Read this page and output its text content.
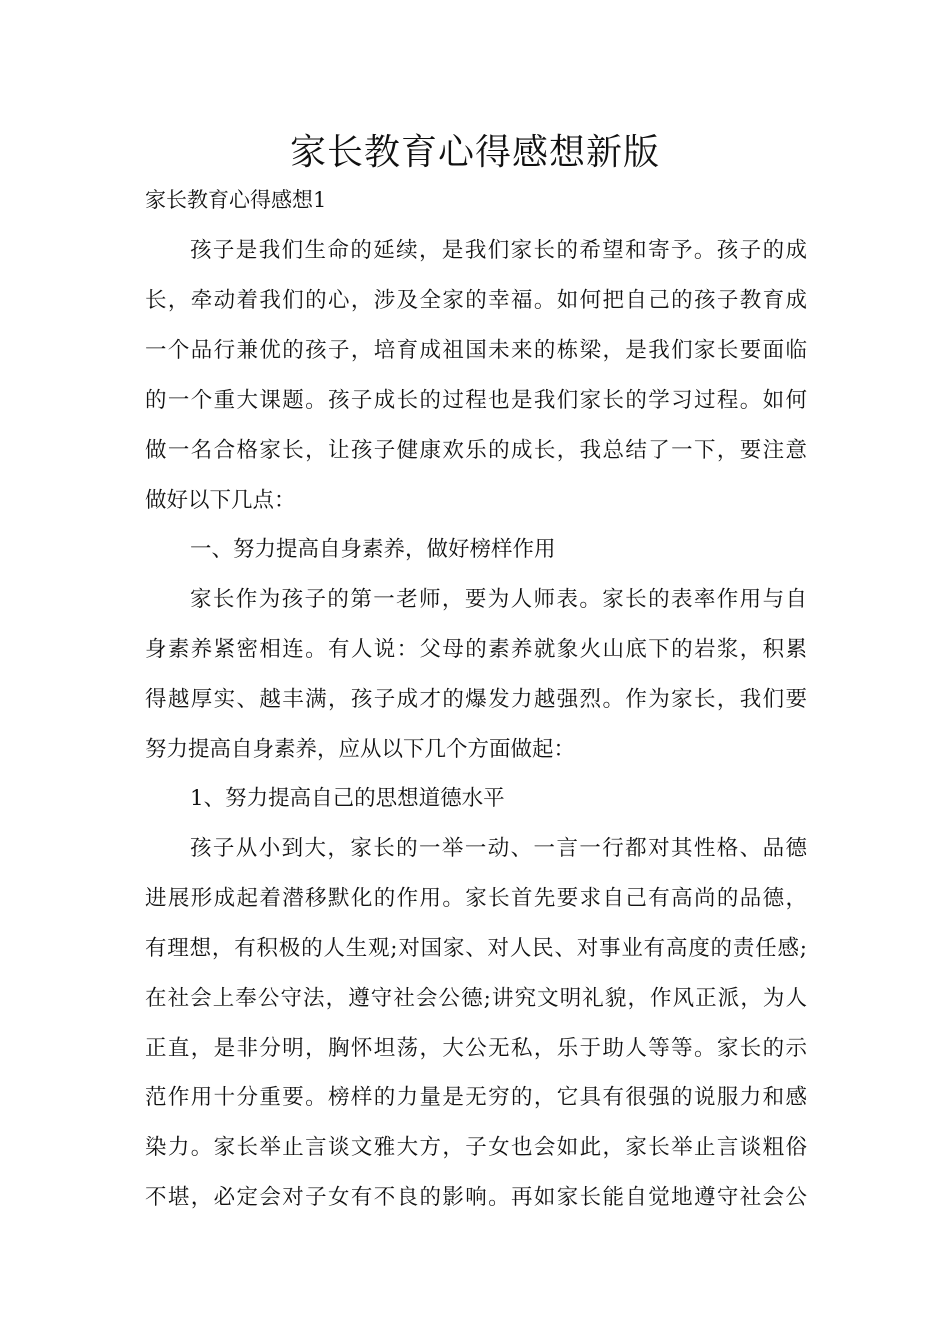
家长教育心得感想新版

家长教育心得感想1

孩子是我们生命的延续，是我们家长的希望和寄予。孩子的成

长，牵动着我们的心，涉及全家的幸福。如何把自己的孩子教育成

一个品行兼优的孩子，培育成祖国未来的栋梁，是我们家长要面临

的一个重大课题。孩子成长的过程也是我们家长的学习过程。如何

做一名合格家长，让孩子健康欢乐的成长，我总结了一下，要注意

做好以下几点：

一、努力提高自身素养，做好榜样作用

家长作为孩子的第一老师，要为人师表。家长的表率作用与自

身素养紧密相连。有人说：父母的素养就象火山底下的岩浆，积累

得越厚实、越丰满，孩子成才的爆发力越强烈。作为家长，我们要

努力提高自身素养，应从以下几个方面做起：

1、努力提高自己的思想道德水平

孩子从小到大，家长的一举一动、一言一行都对其性格、品德

进展形成起着潜移默化的作用。家长首先要求自己有高尚的品德，

有理想，有积极的人生观;对国家、对人民、对事业有高度的责任感;

在社会上奉公守法，遵守社会公德;讲究文明礼貌，作风正派，为人

正直，是非分明，胸怀坦荡，大公无私，乐于助人等等。家长的示

范作用十分重要。榜样的力量是无穷的，它具有很强的说服力和感

染力。家长举止言谈文雅大方，子女也会如此，家长举止言谈粗俗

不堪，必定会对子女有不良的影响。再如家长能自觉地遵守社会公
